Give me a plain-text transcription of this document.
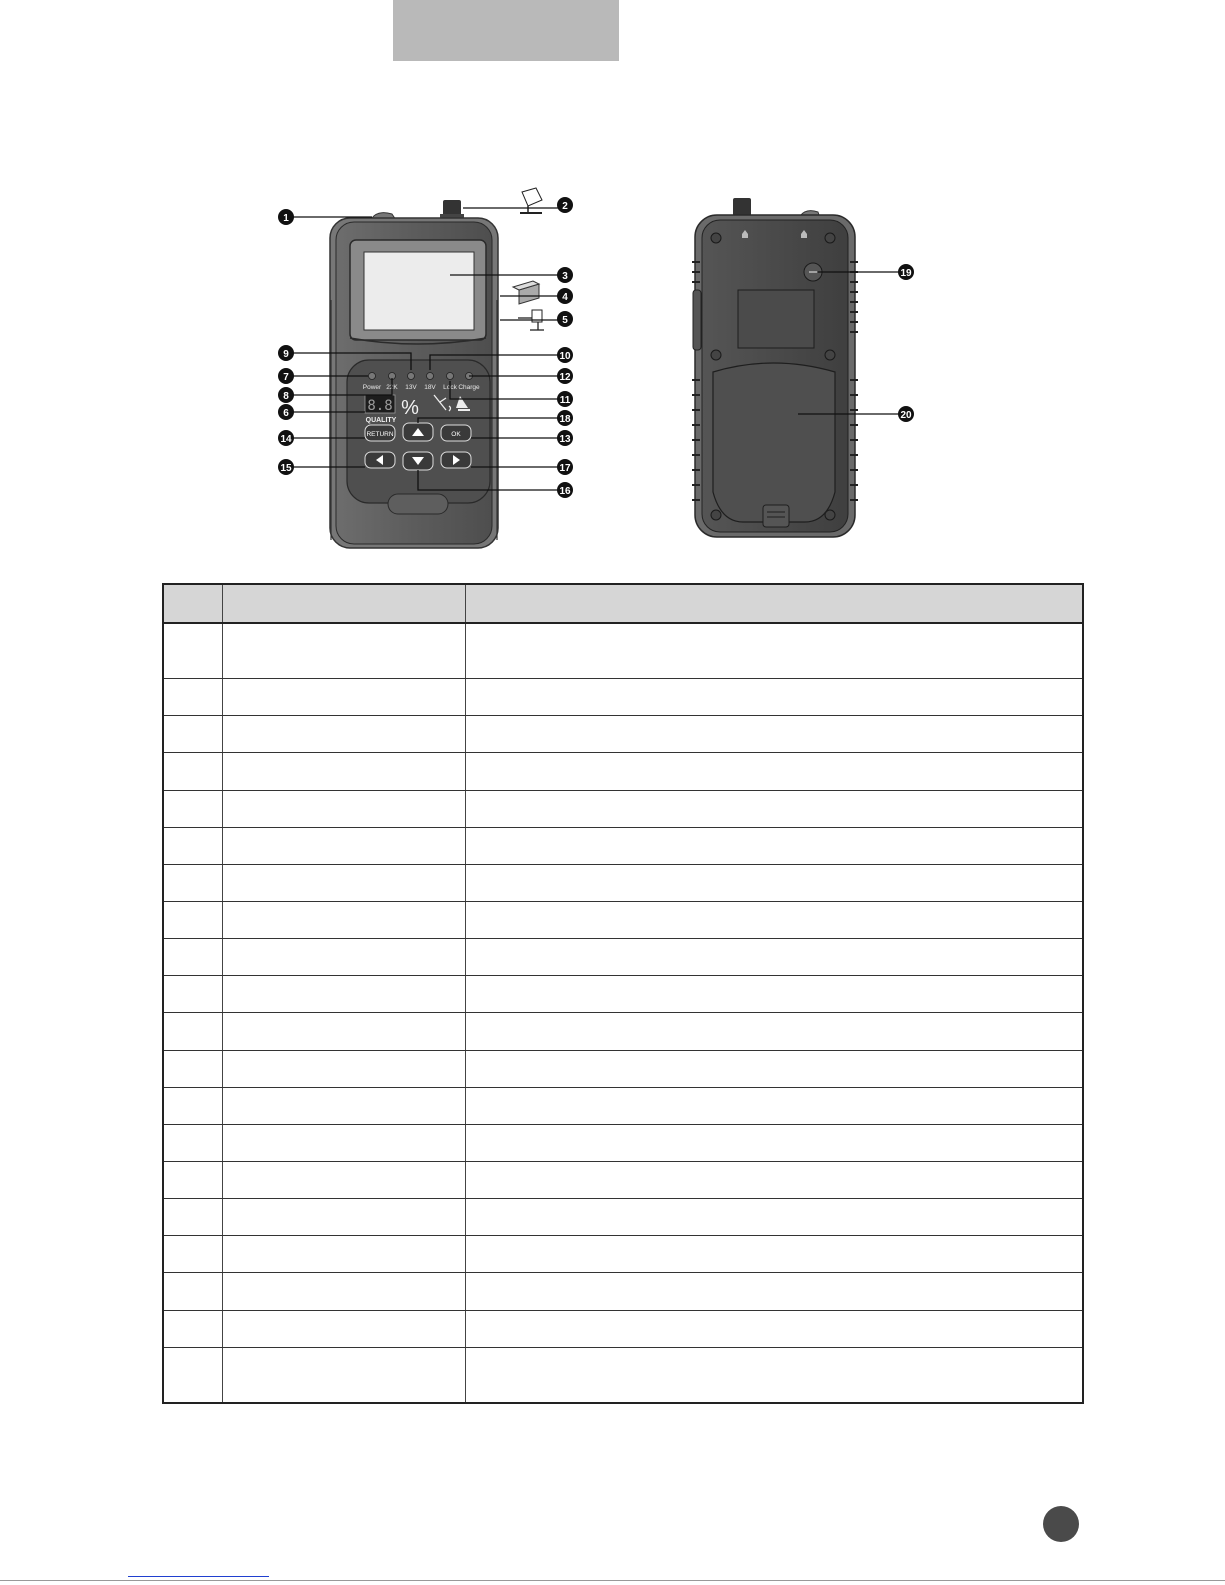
Power 22K 13V 18V Lock Charge
8.8
QUALITY
%
RETURN	OK
1
2
3
4
5
6
7
8
9	10
11
12
13
14
15
16
17
18
19
20
